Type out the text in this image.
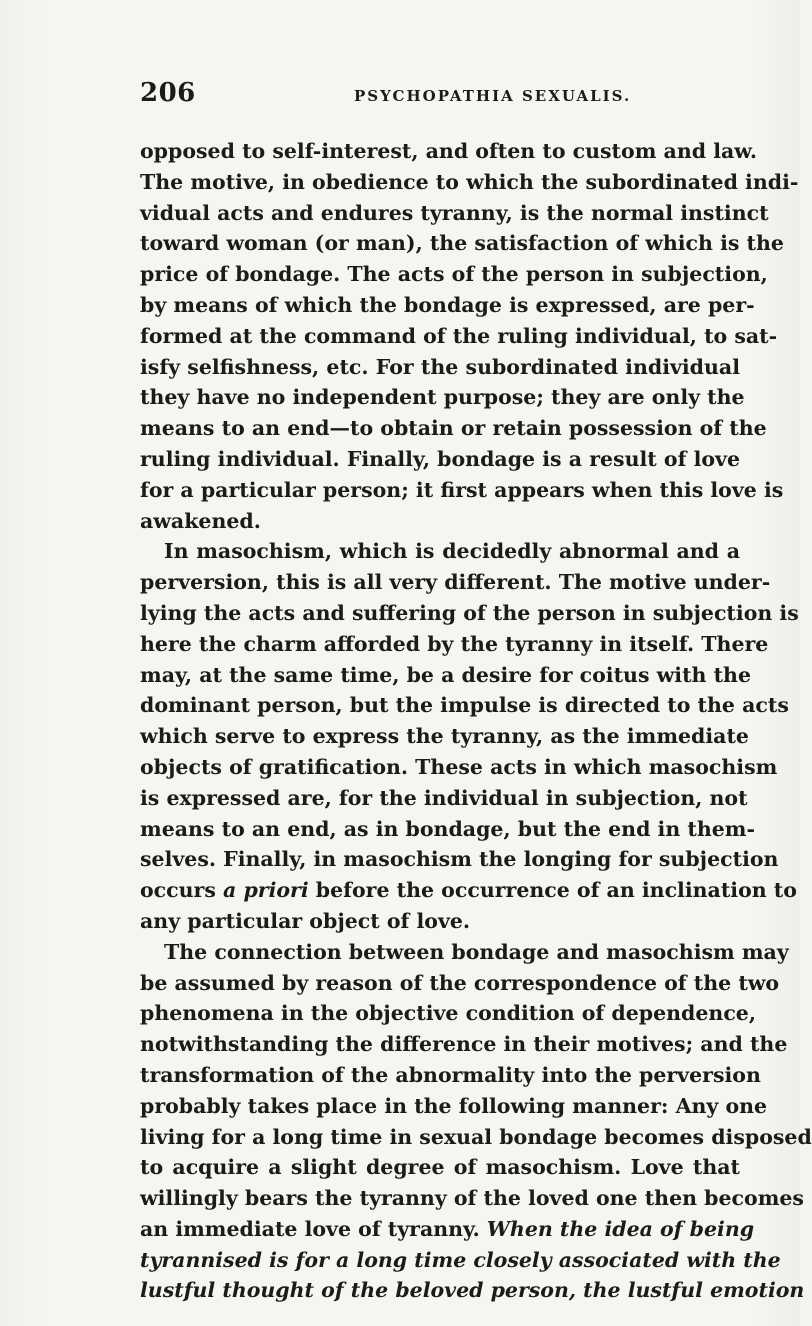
206	PSYCHOPATHIA SEXUALIS.
opposed to self-interest, and often to custom and law.
The motive, in obedience to which the subordinated indi-
vidual acts and endures tyranny, is the normal instinct
toward woman (or man), the satisfaction of which is the
price of bondage. The acts of the person in subjection,
by means of which the bondage is expressed, are per-
formed at the command of the ruling individual, to sat-
isfy selfishness, etc. For the subordinated individual
they have no independent purpose; they are only the
means to an end—to obtain or retain possession of the
ruling individual. Finally, bondage is a result of love
for a particular person; it first appears when this love is
awakened.
In masochism, which is decidedly abnormal and a
perversion, this is all very different. The motive under-
lying the acts and suffering of the person in subjection is
here the charm afforded by the tyranny in itself. There
may, at the same time, be a desire for coitus with the
dominant person, but the impulse is directed to the acts
which serve to express the tyranny, as the immediate
objects of gratification. These acts in which masochism
is expressed are, for the individual in subjection, not
means to an end, as in bondage, but the end in them-
selves. Finally, in masochism the longing for subjection
occurs a priori before the occurrence of an inclination to
any particular object of love.
The connection between bondage and masochism may
be assumed by reason of the correspondence of the two
phenomena in the objective condition of dependence,
notwithstanding the difference in their motives; and the
transformation of the abnormality into the perversion
probably takes place in the following manner: Any one
living for a long time in sexual bondage becomes disposed
to acquire a slight degree of masochism. Love that
willingly bears the tyranny of the loved one then becomes
an immediate love of tyranny. When the idea of being
tyrannised is for a long time closely associated with the
lustful thought of the beloved person, the lustful emotion
